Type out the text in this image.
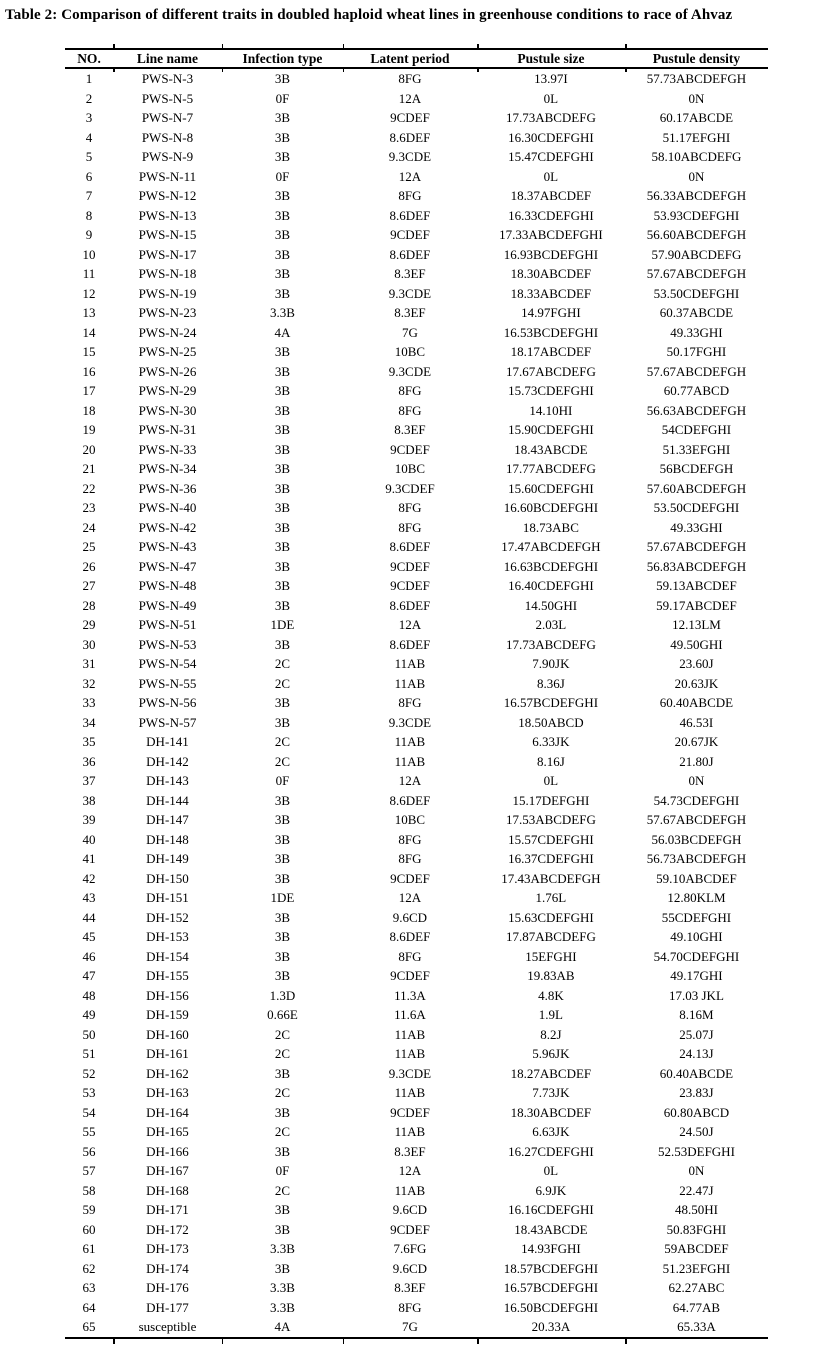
Table 2: Comparison of different traits in doubled haploid wheat lines in greenhouse conditions to race of Ahvaz
NO.	Line name	Infection type	Latent period	Pustule size	Pustule density
1	PWS-N-3	3B	8FG	13.97I	57.73ABCDEFGH
2	PWS-N-5	0F	12A	0L	0N
3	PWS-N-7	3B	9CDEF	17.73ABCDEFG	60.17ABCDE
4	PWS-N-8	3B	8.6DEF	16.30CDEFGHI	51.17EFGHI
5	PWS-N-9	3B	9.3CDE	15.47CDEFGHI	58.10ABCDEFG
6	PWS-N-11	0F	12A	0L	0N
7	PWS-N-12	3B	8FG	18.37ABCDEF	56.33ABCDEFGH
8	PWS-N-13	3B	8.6DEF	16.33CDEFGHI	53.93CDEFGHI
9	PWS-N-15	3B	9CDEF	17.33ABCDEFGHI	56.60ABCDEFGH
10	PWS-N-17	3B	8.6DEF	16.93BCDEFGHI	57.90ABCDEFG
11	PWS-N-18	3B	8.3EF	18.30ABCDEF	57.67ABCDEFGH
12	PWS-N-19	3B	9.3CDE	18.33ABCDEF	53.50CDEFGHI
13	PWS-N-23	3.3B	8.3EF	14.97FGHI	60.37ABCDE
14	PWS-N-24	4A	7G	16.53BCDEFGHI	49.33GHI
15	PWS-N-25	3B	10BC	18.17ABCDEF	50.17FGHI
16	PWS-N-26	3B	9.3CDE	17.67ABCDEFG	57.67ABCDEFGH
17	PWS-N-29	3B	8FG	15.73CDEFGHI	60.77ABCD
18	PWS-N-30	3B	8FG	14.10HI	56.63ABCDEFGH
19	PWS-N-31	3B	8.3EF	15.90CDEFGHI	54CDEFGHI
20	PWS-N-33	3B	9CDEF	18.43ABCDE	51.33EFGHI
21	PWS-N-34	3B	10BC	17.77ABCDEFG	56BCDEFGH
22	PWS-N-36	3B	9.3CDEF	15.60CDEFGHI	57.60ABCDEFGH
23	PWS-N-40	3B	8FG	16.60BCDEFGHI	53.50CDEFGHI
24	PWS-N-42	3B	8FG	18.73ABC	49.33GHI
25	PWS-N-43	3B	8.6DEF	17.47ABCDEFGH	57.67ABCDEFGH
26	PWS-N-47	3B	9CDEF	16.63BCDEFGHI	56.83ABCDEFGH
27	PWS-N-48	3B	9CDEF	16.40CDEFGHI	59.13ABCDEF
28	PWS-N-49	3B	8.6DEF	14.50GHI	59.17ABCDEF
29	PWS-N-51	1DE	12A	2.03L	12.13LM
30	PWS-N-53	3B	8.6DEF	17.73ABCDEFG	49.50GHI
31	PWS-N-54	2C	11AB	7.90JK	23.60J
32	PWS-N-55	2C	11AB	8.36J	20.63JK
33	PWS-N-56	3B	8FG	16.57BCDEFGHI	60.40ABCDE
34	PWS-N-57	3B	9.3CDE	18.50ABCD	46.53I
35	DH-141	2C	11AB	6.33JK	20.67JK
36	DH-142	2C	11AB	8.16J	21.80J
37	DH-143	0F	12A	0L	0N
38	DH-144	3B	8.6DEF	15.17DEFGHI	54.73CDEFGHI
39	DH-147	3B	10BC	17.53ABCDEFG	57.67ABCDEFGH
40	DH-148	3B	8FG	15.57CDEFGHI	56.03BCDEFGH
41	DH-149	3B	8FG	16.37CDEFGHI	56.73ABCDEFGH
42	DH-150	3B	9CDEF	17.43ABCDEFGH	59.10ABCDEF
43	DH-151	1DE	12A	1.76L	12.80KLM
44	DH-152	3B	9.6CD	15.63CDEFGHI	55CDEFGHI
45	DH-153	3B	8.6DEF	17.87ABCDEFG	49.10GHI
46	DH-154	3B	8FG	15EFGHI	54.70CDEFGHI
47	DH-155	3B	9CDEF	19.83AB	49.17GHI
48	DH-156	1.3D	11.3A	4.8K	17.03 JKL
49	DH-159	0.66E	11.6A	1.9L	8.16M
50	DH-160	2C	11AB	8.2J	25.07J
51	DH-161	2C	11AB	5.96JK	24.13J
52	DH-162	3B	9.3CDE	18.27ABCDEF	60.40ABCDE
53	DH-163	2C	11AB	7.73JK	23.83J
54	DH-164	3B	9CDEF	18.30ABCDEF	60.80ABCD
55	DH-165	2C	11AB	6.63JK	24.50J
56	DH-166	3B	8.3EF	16.27CDEFGHI	52.53DEFGHI
57	DH-167	0F	12A	0L	0N
58	DH-168	2C	11AB	6.9JK	22.47J
59	DH-171	3B	9.6CD	16.16CDEFGHI	48.50HI
60	DH-172	3B	9CDEF	18.43ABCDE	50.83FGHI
61	DH-173	3.3B	7.6FG	14.93FGHI	59ABCDEF
62	DH-174	3B	9.6CD	18.57BCDEFGHI	51.23EFGHI
63	DH-176	3.3B	8.3EF	16.57BCDEFGHI	62.27ABC
64	DH-177	3.3B	8FG	16.50BCDEFGHI	64.77AB
65	susceptible	4A	7G	20.33A	65.33A
